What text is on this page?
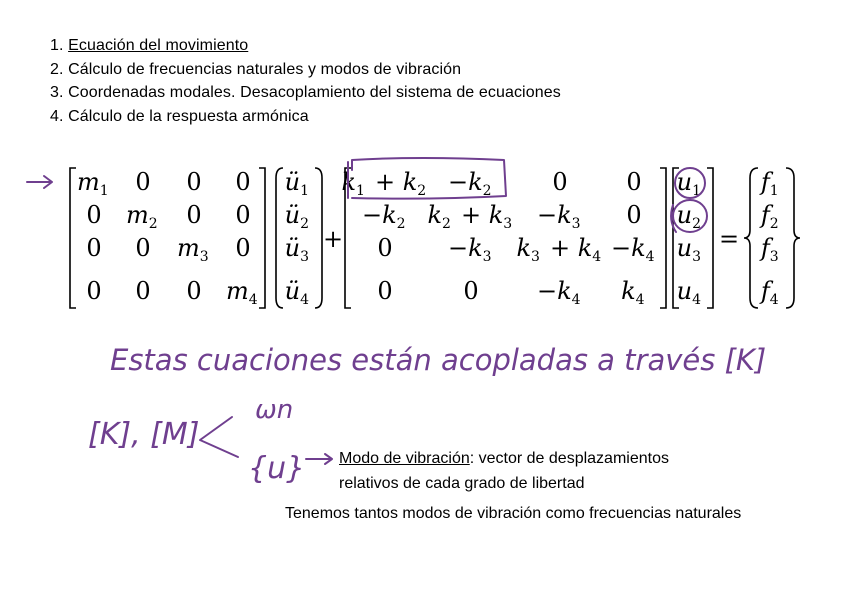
1. Ecuación del movimiento
2. Cálculo de frecuencias naturales y modos de vibración
3. Coordenadas modales. Desacoplamiento del sistema de ecuaciones
4. Cálculo de la respuesta armónica
$m_1$  0 0 0
0 $m_2$  0 0
0 0 $m_3$  0
0 0 0 $m_4$ 
$ü_1$ 
$ü_2$ 
$ü_3$ 
$ü_4$ 
+
$k_1$  + $k_2$  $-k_2$ 	0 0
$-k_2$  $k_2$  + $k_3$  $-k_3$  0
$0 -k_3$  $k_3$  + $k_4$  $-k_4$ 
0	$0 -k_4$  $k_4$ 
$u_1$ 
$u_2$ 
$u_3$ 
$u_4$ 
=
$f_1$ 
$f_2$ 
$f_3$ 
$f_4$ 
Estas cuaciones están acopladas a través [K]
[K], [M]
ωn
{u} Modo de vibración: vector de desplazamientos
relativos de cada grado de libertad
Tenemos tantos modos de vibración como frecuencias naturales
